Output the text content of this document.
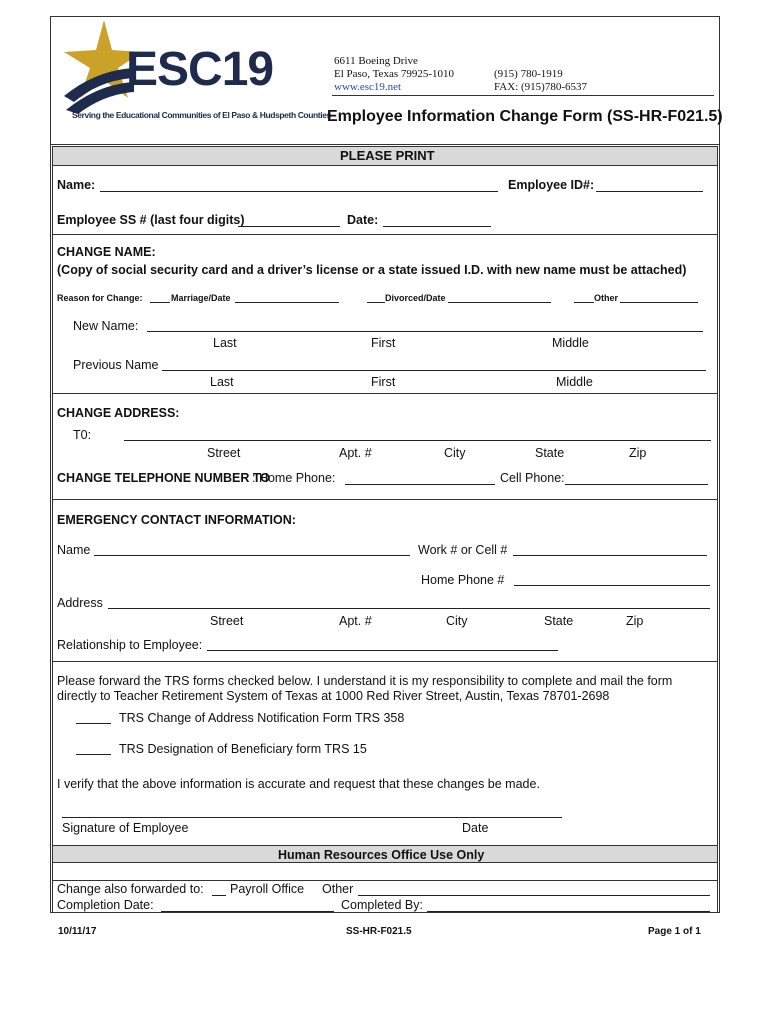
ESC19
Serving the Educational Communities of El Paso & Hudspeth Counties
6611 Boeing Drive
El Paso, Texas 79925-1010
www.esc19.net
(915) 780-1919
FAX: (915)780-6537
Employee Information Change Form (SS-HR-F021.5)
PLEASE PRINT
Name:	Employee ID#:
Employee SS # (last four digits)	Date:
CHANGE NAME:
(Copy of social security card and a driver’s license or a state issued I.D. with new name must be attached)
Reason for Change:	Marriage/Date	Divorced/Date	Other
New Name:
Last	First	Middle
Previous Name
Last	First	Middle
CHANGE ADDRESS:
T0:
Street	Apt. #	City	State	Zip
CHANGE TELEPHONE NUMBER TO
: Home Phone:	Cell Phone:
EMERGENCY CONTACT INFORMATION:
Name	Work # or Cell #
Home Phone #
Address
Street	Apt. #	City	State	Zip
Relationship to Employee:
Please forward the TRS forms checked below. I understand it is my responsibility to complete and mail the form
directly to Teacher Retirement System of Texas at 1000 Red River Street, Austin, Texas 78701-2698
TRS Change of Address Notification Form TRS 358
TRS Designation of Beneficiary form TRS 15
I verify that the above information is accurate and request that these changes be made.
Signature of Employee	Date
Human Resources Office Use Only
Change also forwarded to: Payroll Office Other
Completion Date:	Completed By:
10/11/17	SS-HR-F021.5	Page 1 of 1
